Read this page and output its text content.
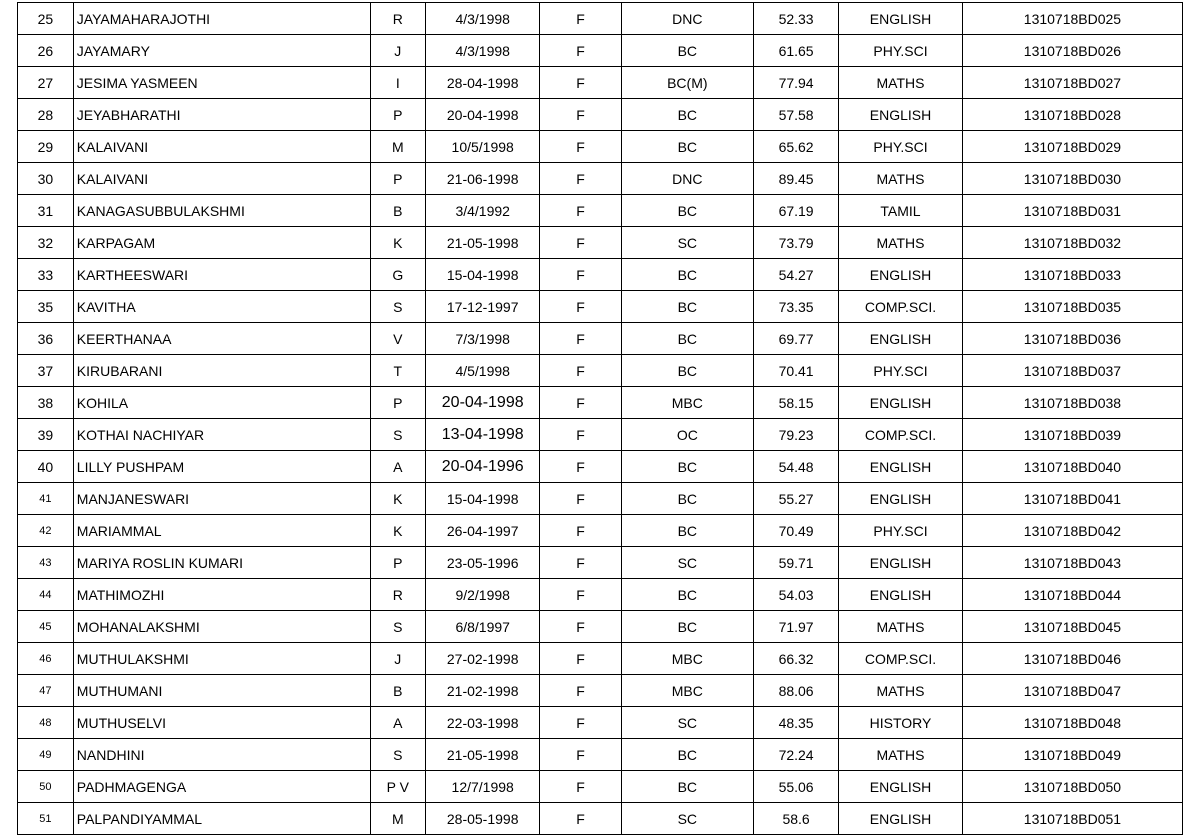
25	JAYAMAHARAJOTHI	R	4/3/1998	F	DNC	52.33	ENGLISH	1310718BD025
26	JAYAMARY	J	4/3/1998	F	BC	61.65	PHY.SCI	1310718BD026
27	JESIMA YASMEEN	I	28-04-1998	F	BC(M)	77.94	MATHS	1310718BD027
28	JEYABHARATHI	P	20-04-1998	F	BC	57.58	ENGLISH	1310718BD028
29	KALAIVANI	M	10/5/1998	F	BC	65.62	PHY.SCI	1310718BD029
30	KALAIVANI	P	21-06-1998	F	DNC	89.45	MATHS	1310718BD030
31	KANAGASUBBULAKSHMI	B	3/4/1992	F	BC	67.19	TAMIL	1310718BD031
32	KARPAGAM	K	21-05-1998	F	SC	73.79	MATHS	1310718BD032
33	KARTHEESWARI	G	15-04-1998	F	BC	54.27	ENGLISH	1310718BD033
35	KAVITHA	S	17-12-1997	F	BC	73.35	COMP.SCI.	1310718BD035
36	KEERTHANAA	V	7/3/1998	F	BC	69.77	ENGLISH	1310718BD036
37	KIRUBARANI	T	4/5/1998	F	BC	70.41	PHY.SCI	1310718BD037
38	KOHILA	P	20-04-1998	F	MBC	58.15	ENGLISH	1310718BD038
39	KOTHAI NACHIYAR	S	13-04-1998	F	OC	79.23	COMP.SCI.	1310718BD039
40	LILLY PUSHPAM	A	20-04-1996	F	BC	54.48	ENGLISH	1310718BD040
41	MANJANESWARI	K	15-04-1998	F	BC	55.27	ENGLISH	1310718BD041
42	MARIAMMAL	K	26-04-1997	F	BC	70.49	PHY.SCI	1310718BD042
43	MARIYA ROSLIN KUMARI	P	23-05-1996	F	SC	59.71	ENGLISH	1310718BD043
44	MATHIMOZHI	R	9/2/1998	F	BC	54.03	ENGLISH	1310718BD044
45	MOHANALAKSHMI	S	6/8/1997	F	BC	71.97	MATHS	1310718BD045
46	MUTHULAKSHMI	J	27-02-1998	F	MBC	66.32	COMP.SCI.	1310718BD046
47	MUTHUMANI	B	21-02-1998	F	MBC	88.06	MATHS	1310718BD047
48	MUTHUSELVI	A	22-03-1998	F	SC	48.35	HISTORY	1310718BD048
49	NANDHINI	S	21-05-1998	F	BC	72.24	MATHS	1310718BD049
50	PADHMAGENGA	P V	12/7/1998	F	BC	55.06	ENGLISH	1310718BD050
51	PALPANDIYAMMAL	M	28-05-1998	F	SC	58.6	ENGLISH	1310718BD051
